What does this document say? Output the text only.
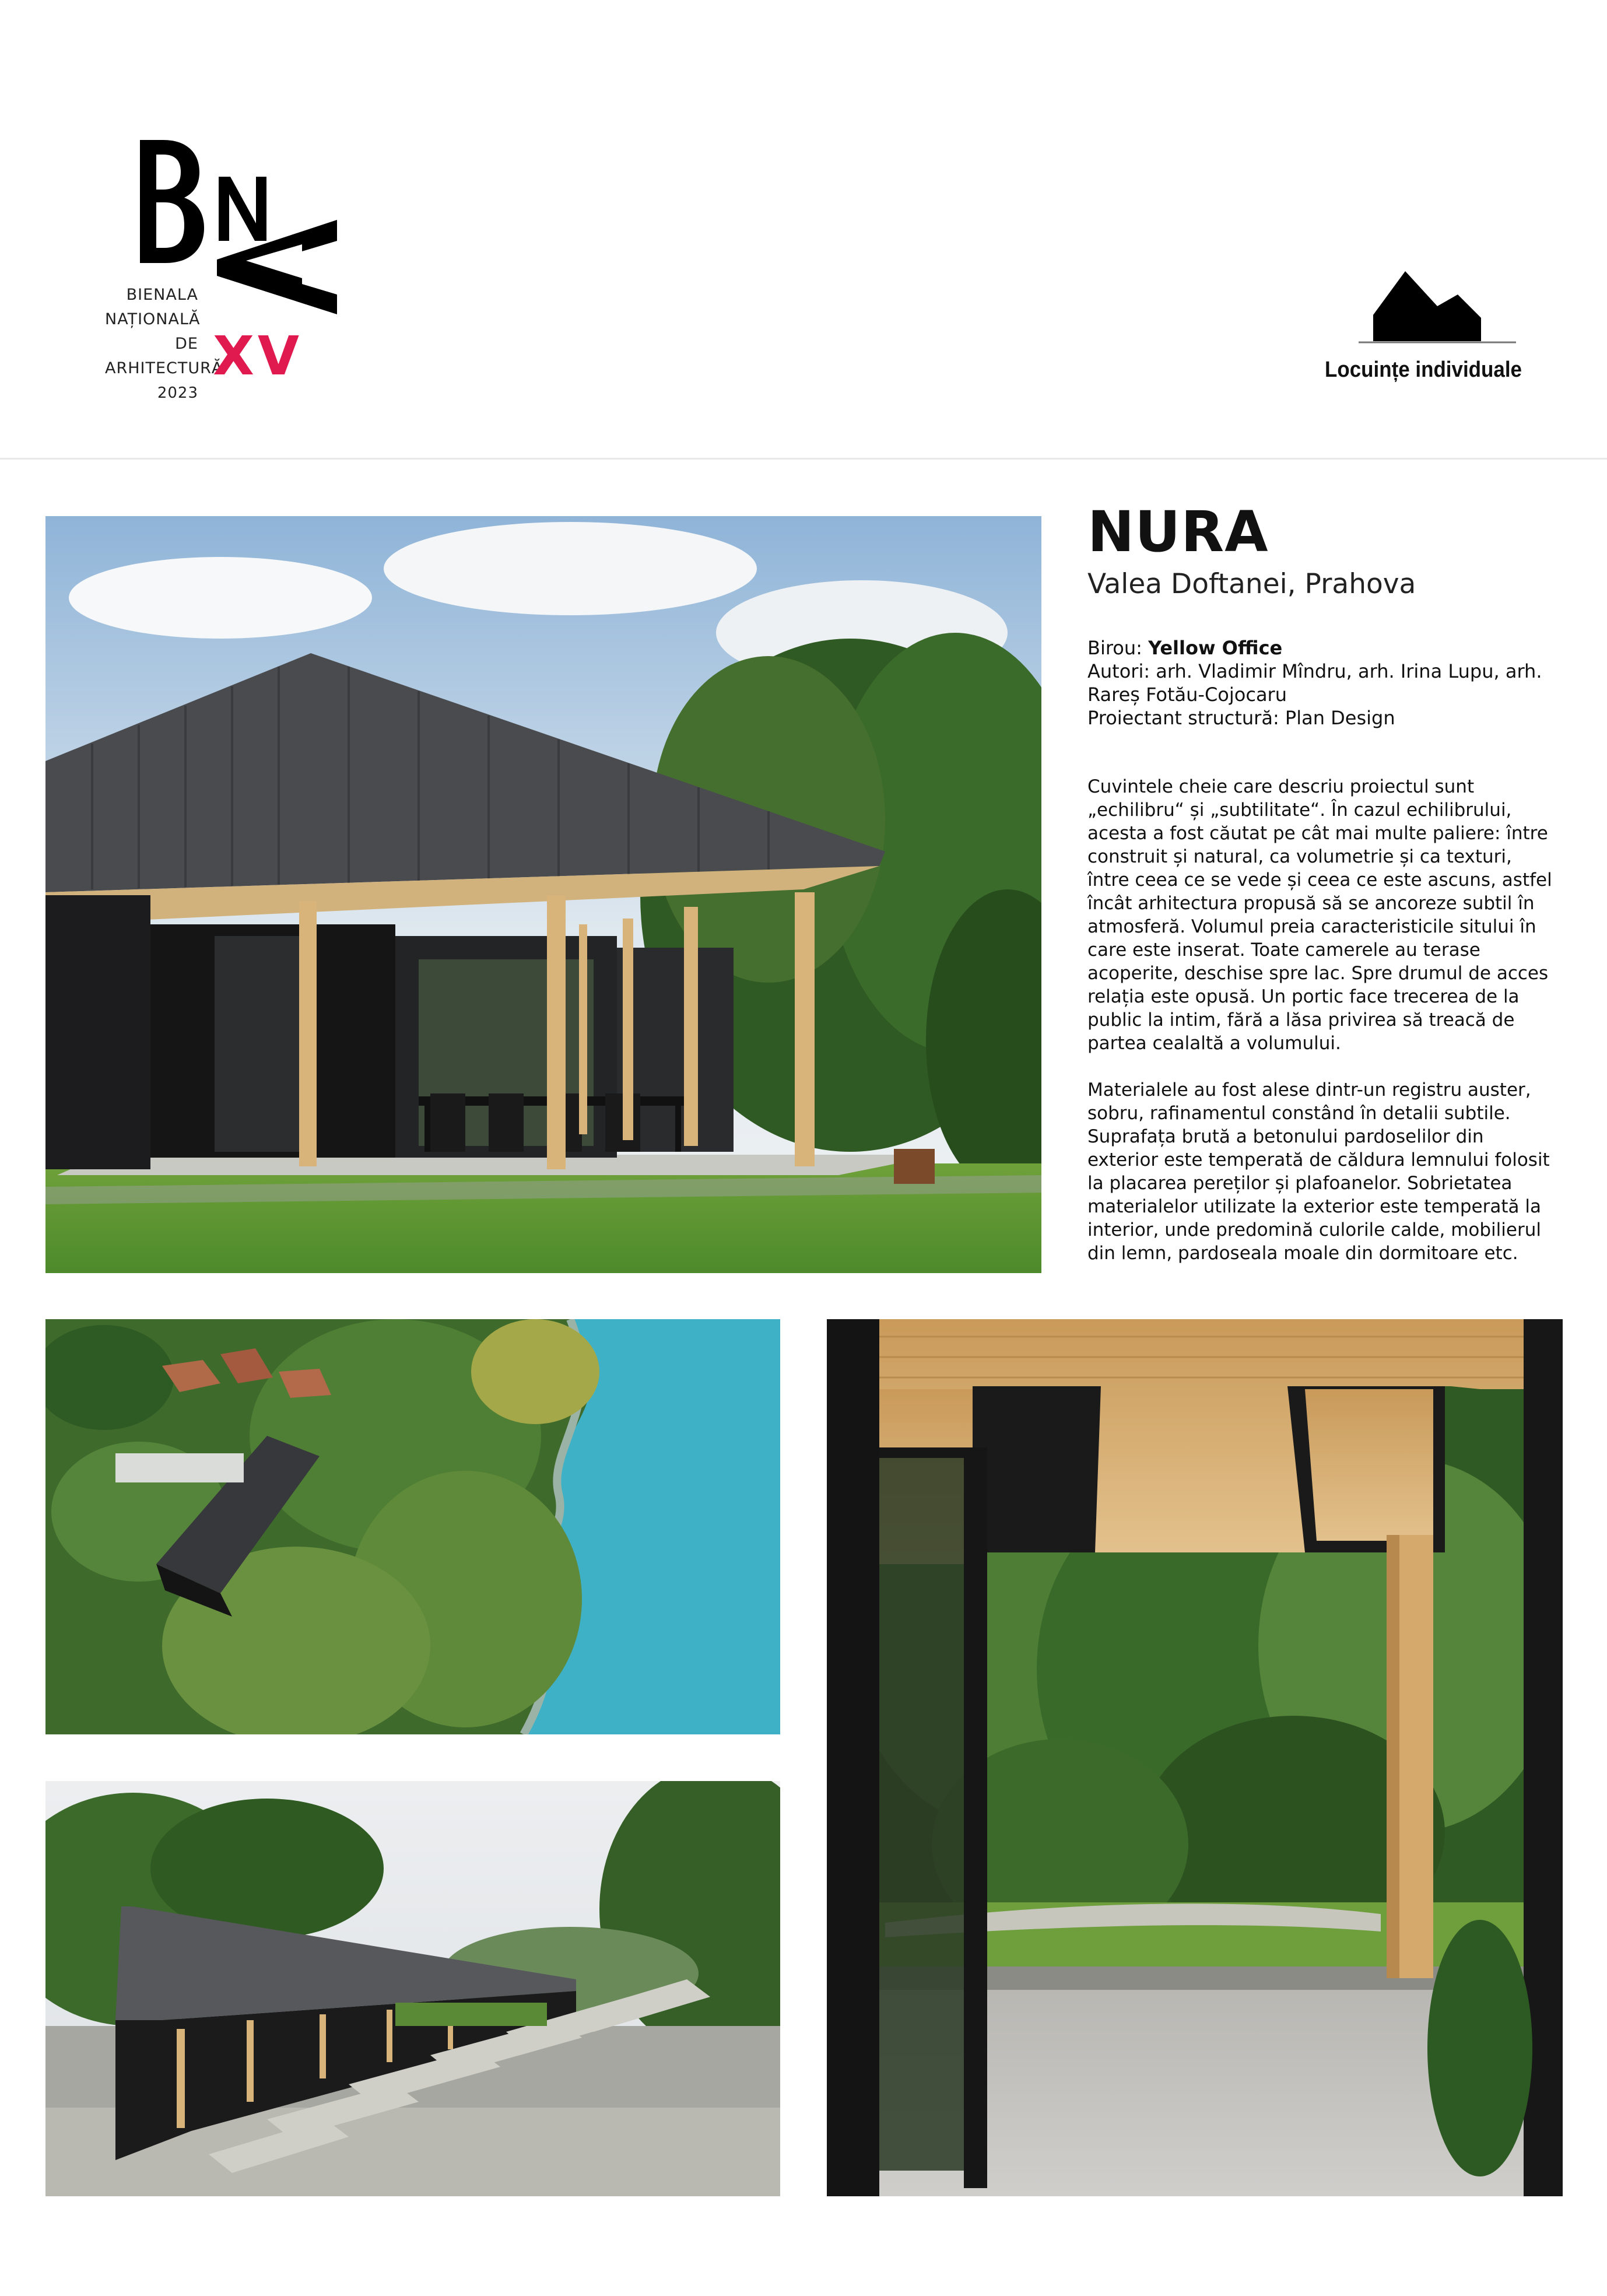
BIENALA
NAȚIONALĂ
DE
ARHITECTURĂ
2023
XV	Locuințe individuale
NURA
Valea Doftanei, Prahova
Birou: Yellow Office
Autori: arh. Vladimir Mîndru, arh. Irina Lupu, arh. Rareș Fotău-Cojocaru
Proiectant structură: Plan Design

Cuvintele cheie care descriu proiectul sunt „echilibru“ și „subtilitate“. În cazul echilibrului, acesta a fost căutat pe cât mai multe paliere: între construit și natural, ca volumetrie și ca texturi, între ceea ce se vede și ceea ce este ascuns, astfel încât arhitectura propusă să se ancoreze subtil în atmosferă. Volumul preia caracteristicile sitului în care este inserat. Toate camerele au terase acoperite, deschise spre lac. Spre drumul de acces relația este opusă. Un portic face trecerea de la public la intim, fără a lăsa privirea să treacă de partea cealaltă a volumului.

Materialele au fost alese dintr-un registru auster, sobru, rafinamentul constând în detalii subtile. Suprafața brută a betonului pardoselilor din exterior este temperată de căldura lemnului folosit la placarea pereților și plafoanelor. Sobrietatea materialelor utilizate la exterior este temperată la interior, unde predomină culorile calde, mobilierul din lemn, pardoseala moale din dormitoare etc.
